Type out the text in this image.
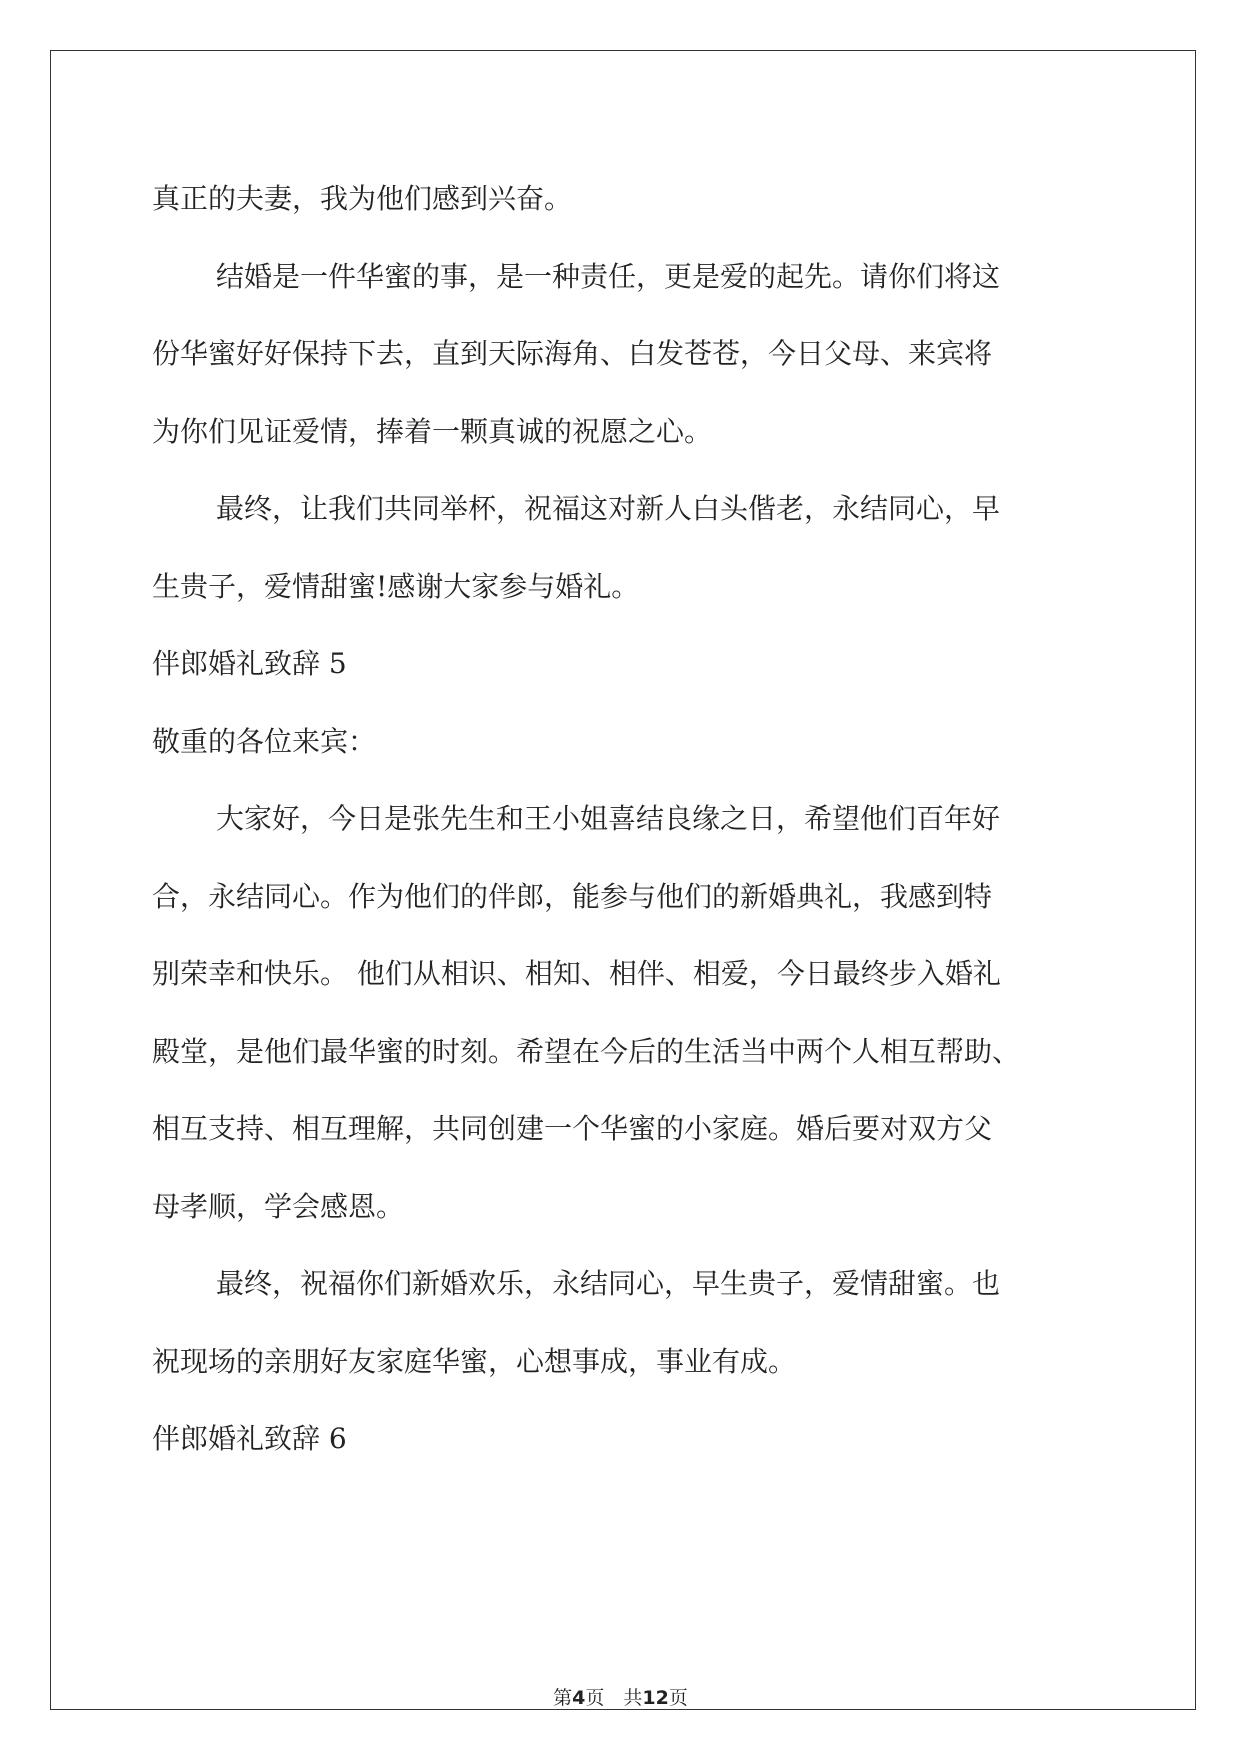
真正的夫妻，我为他们感到兴奋。
结婚是一件华蜜的事，是一种责任，更是爱的起先。请你们将这
份华蜜好好保持下去，直到天际海角、白发苍苍，今日父母、来宾将
为你们见证爱情，捧着一颗真诚的祝愿之心。
最终，让我们共同举杯，祝福这对新人白头偕老，永结同心，早
生贵子，爱情甜蜜!感谢大家参与婚礼。
伴郎婚礼致辞 5
敬重的各位来宾：
大家好，今日是张先生和王小姐喜结良缘之日，希望他们百年好
合，永结同心。作为他们的伴郎，能参与他们的新婚典礼，我感到特
别荣幸和快乐。 他们从相识、相知、相伴、相爱，今日最终步入婚礼
殿堂，是他们最华蜜的时刻。希望在今后的生活当中两个人相互帮助、
相互支持、相互理解，共同创建一个华蜜的小家庭。婚后要对双方父
母孝顺，学会感恩。
最终，祝福你们新婚欢乐，永结同心，早生贵子，爱情甜蜜。也
祝现场的亲朋好友家庭华蜜，心想事成，事业有成。
伴郎婚礼致辞 6
第4页　共12页
